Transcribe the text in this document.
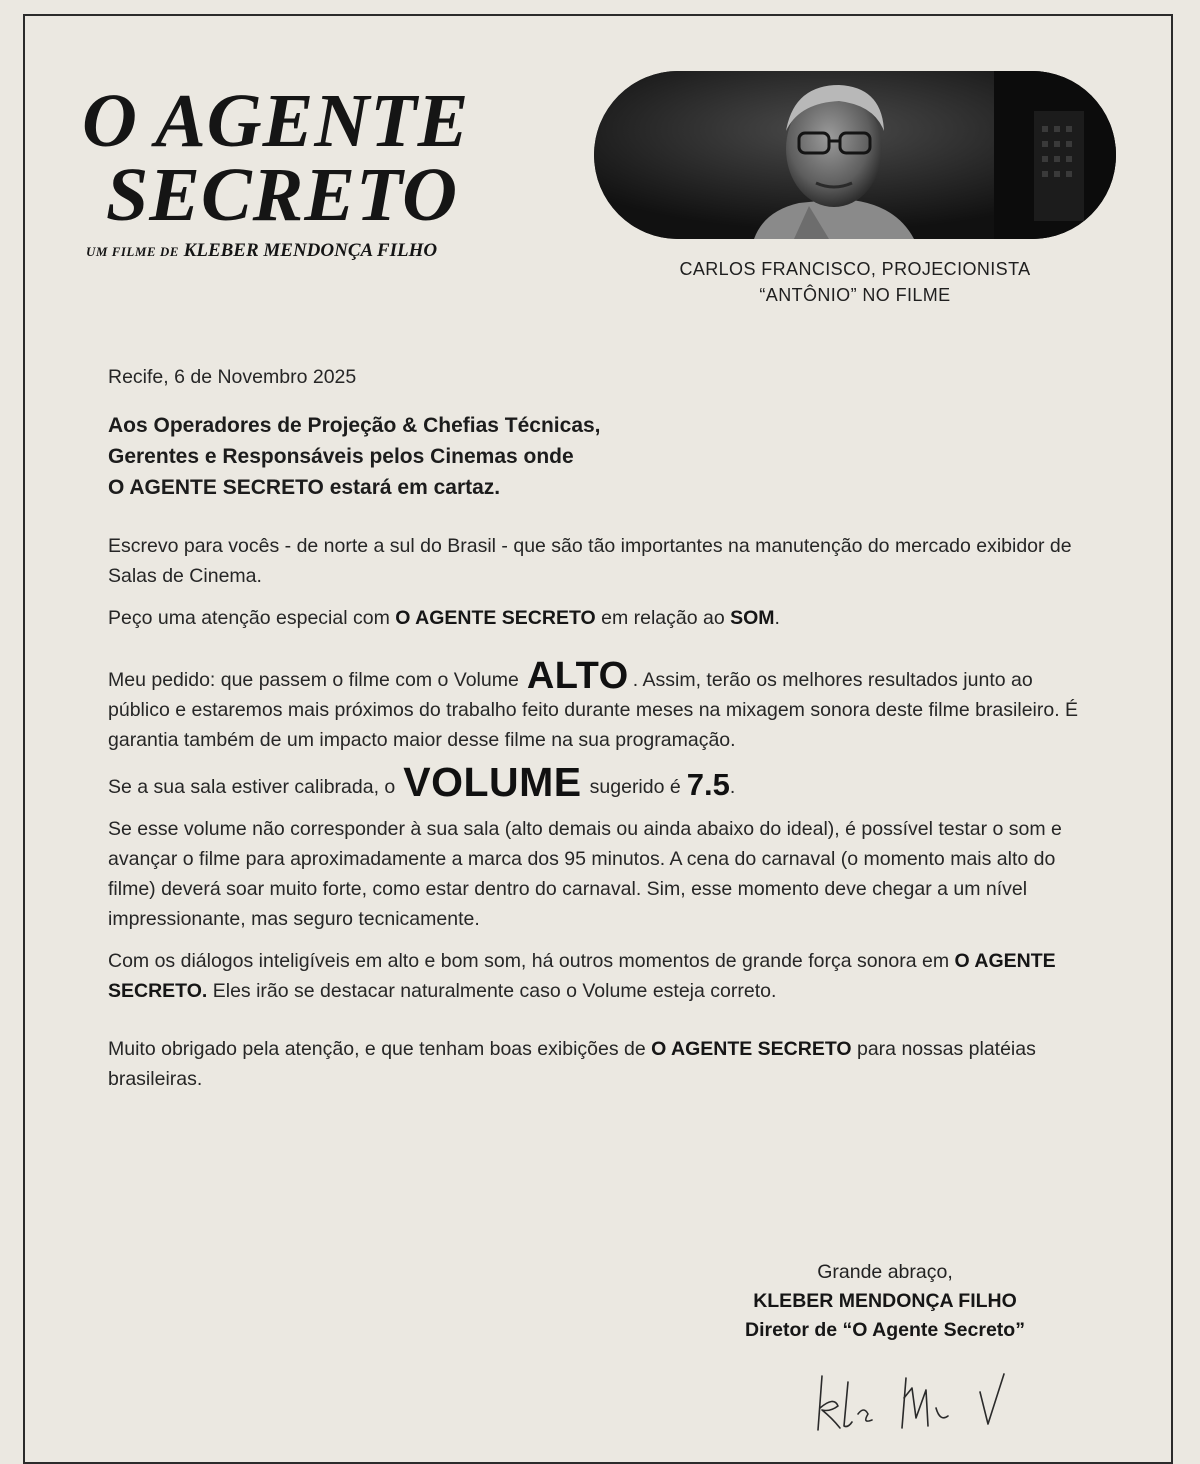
O AGENTE
SECRETO
UM FILME DE KLEBER MENDONÇA FILHO
CARLOS FRANCISCO, PROJECIONISTA
“ANTÔNIO” NO FILME

Recife, 6 de Novembro 2025

Aos Operadores de Projeção & Chefias Técnicas,
Gerentes e Responsáveis pelos Cinemas onde
O AGENTE SECRETO estará em cartaz.

Escrevo para vocês - de norte a sul do Brasil - que são tão importantes na manutenção do mercado exibidor de Salas de Cinema.

Peço uma atenção especial com O AGENTE SECRETO em relação ao SOM.

Meu pedido: que passem o filme com o Volume ALTO . Assim, terão os melhores resultados junto ao público e estaremos mais próximos do trabalho feito durante meses na mixagem sonora deste filme brasileiro. É garantia também de um impacto maior desse filme na sua programação.

Se a sua sala estiver calibrada, o VOLUME sugerido é 7.5.

Se esse volume não corresponder à sua sala (alto demais ou ainda abaixo do ideal), é possível testar o som e avançar o filme para aproximadamente a marca dos 95 minutos. A cena do carnaval (o momento mais alto do filme) deverá soar muito forte, como estar dentro do carnaval. Sim, esse momento deve chegar a um nível impressionante, mas seguro tecnicamente.

Com os diálogos inteligíveis em alto e bom som, há outros momentos de grande força sonora em O AGENTE SECRETO. Eles irão se destacar naturalmente caso o Volume esteja correto.

Muito obrigado pela atenção, e que tenham boas exibições de O AGENTE SECRETO para nossas platéias brasileiras.

Grande abraço,
KLEBER MENDONÇA FILHO
Diretor de “O Agente Secreto”
